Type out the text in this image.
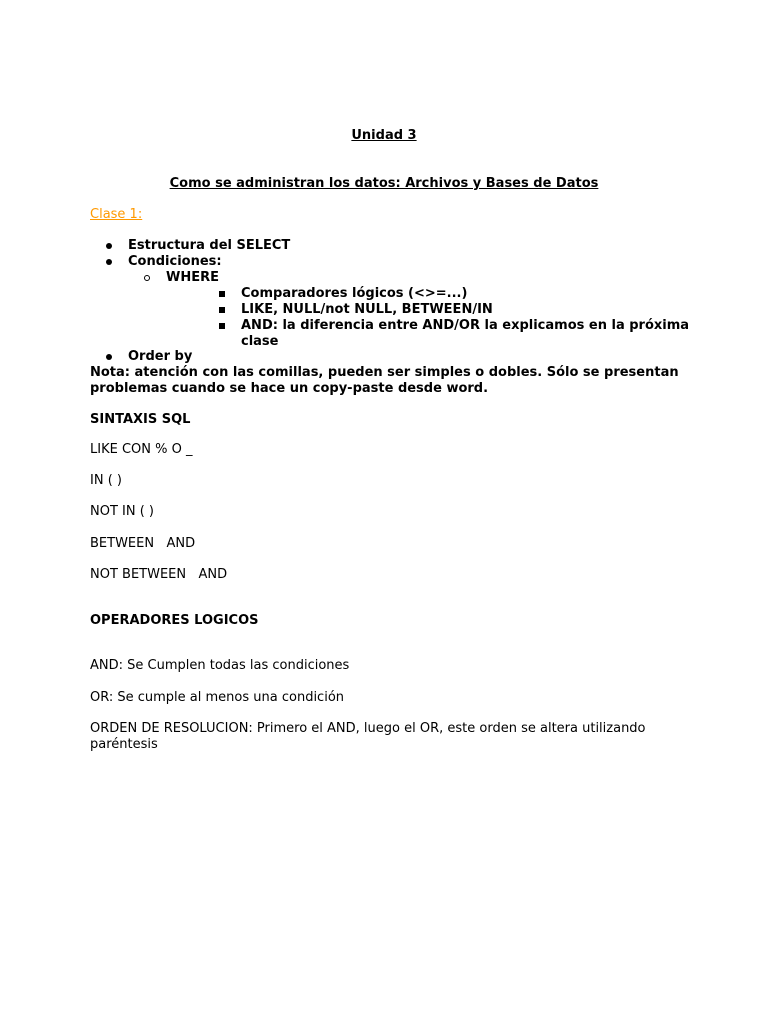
Unidad 3
Como se administran los datos: Archivos y Bases de Datos
Clase 1:
Estructura del SELECT
Condiciones:
WHERE
Comparadores lógicos (<>=...)
LIKE, NULL/not NULL, BETWEEN/IN
AND: la diferencia entre AND/OR la explicamos en la próxima
clase
Order by
Nota: atención con las comillas, pueden ser simples o dobles. Sólo se presentan
problemas cuando se hace un copy-paste desde word.
SINTAXIS SQL
LIKE CON % O _
IN ( )
NOT IN ( )
BETWEEN   AND
NOT BETWEEN   AND
OPERADORES LOGICOS
AND: Se Cumplen todas las condiciones
OR: Se cumple al menos una condición
ORDEN DE RESOLUCION: Primero el AND, luego el OR, este orden se altera utilizando
paréntesis
